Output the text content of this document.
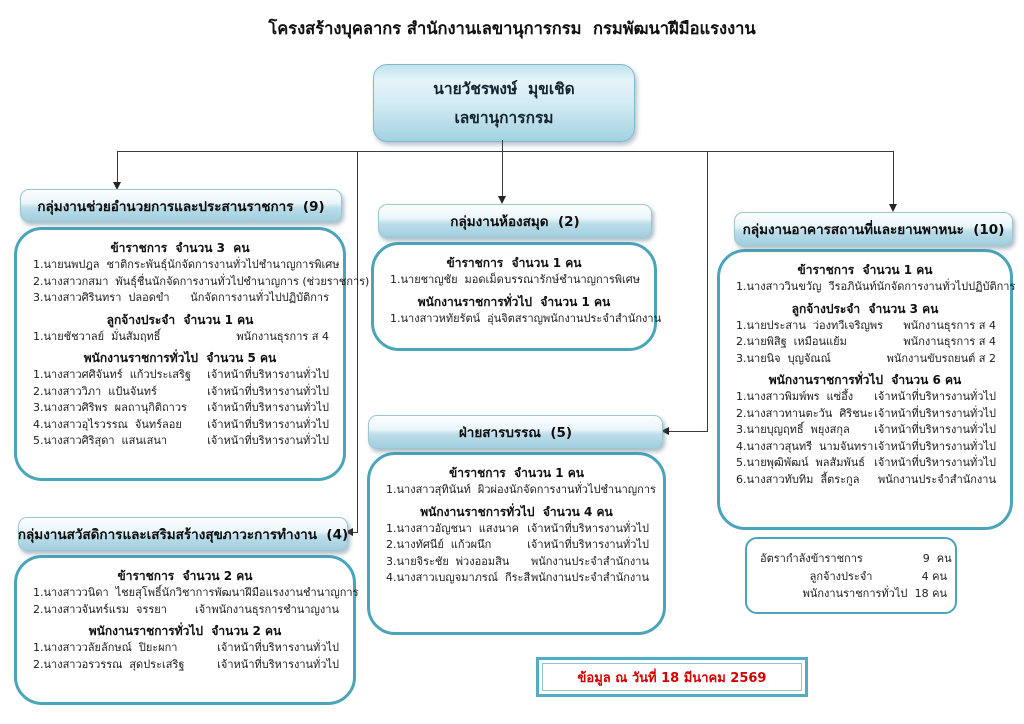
โครงสร้างบุคลากร สำนักงานเลขานุการกรม  กรมพัฒนาฝีมือแรงงาน
นายวัชรพงษ์  มุขเชิด
เลขานุการกรม
กลุ่มงานช่วยอำนวยการและประสานราชการ  (9)
ข้าราชการ  จำนวน 3  คน
1.นายนพปฎล  ชาติกระพันธุ์ นักจัดการงานทั่วไปชำนาญการพิเศษ
2.นางสาวกสมา  พันธุ์ชื่น นักจัดการงานทั่วไปชำนาญการ (ช่วยราชการ)
3.นางสาวศิรินทรา  ปลอดขำ นักจัดการงานทั่วไปปฏิบัติการ
ลูกจ้างประจำ  จำนวน 1 คน
1.นายชัชวาลย์  มั่นสัมฤทธิ์	พนักงานธุรการ ส 4
พนักงานราชการทั่วไป  จำนวน 5 คน
1.นางสาวศศิจันทร์  แก้วประเสริฐ เจ้าหน้าที่บริหารงานทั่วไป
2.นางสาววิภา  แป้นจันทร์	เจ้าหน้าที่บริหารงานทั่วไป
3.นางสาวศิริพร  ผลถานุกิติถาวร เจ้าหน้าที่บริหารงานทั่วไป
4.นางสาวอุไรวรรณ  จันทร์ลอย เจ้าหน้าที่บริหารงานทั่วไป
5.นางสาวศิริสุดา  แสนเสนา	เจ้าหน้าที่บริหารงานทั่วไป
กลุ่มงานห้องสมุด  (2)
ข้าราชการ  จำนวน 1 คน
1.นายชาญชัย  มอดเม็ด บรรณารักษ์ชำนาญการพิเศษ
พนักงานราชการทั่วไป  จำนวน 1 คน
1.นางสาวหทัยรัตน์  อุ่นจิตสราญ พนักงานประจำสำนักงาน
ฝ่ายสารบรรณ  (5)
ข้าราชการ  จำนวน 1 คน
1.นางสาวสุทินันท์  ผิวผ่อง นักจัดการงานทั่วไปชำนาญการ
พนักงานราชการทั่วไป  จำนวน 4 คน
1.นางสาวอัญชนา  แสงนาค เจ้าหน้าที่บริหารงานทั่วไป
2.นางทัศนีย์  แก้วผนึก	เจ้าหน้าที่บริหารงานทั่วไป
3.นายจิระชัย  พ่วงออมสิน พนักงานประจำสำนักงาน
4.นางสาวเบญจมาภรณ์  กีระสี พนักงานประจำสำนักงาน
กลุ่มงานอาคารสถานที่และยานพาหนะ  (10)
ข้าราชการ  จำนวน 1 คน
1.นางสาววินขวัญ  วีรอภินันท์ นักจัดการงานทั่วไปปฏิบัติการ
ลูกจ้างประจำ  จำนวน 3 คน
1.นายประสาน  ว่องทวีเจริญพร พนักงานธุรการ ส 4
2.นายพิสิฐ  เหมือนแย้ม	พนักงานธุรการ ส 4
3.นายนิจ  บุญจัณณ์	พนักงานขับรถยนต์ ส 2
พนักงานราชการทั่วไป  จำนวน 6 คน
1.นางสาวพิมพ์พร  แซ่อึ้ง เจ้าหน้าที่บริหารงานทั่วไป
2.นางสาวทานตะวัน  ศิริชนะ เจ้าหน้าที่บริหารงานทั่วไป
3.นายบุญฤทธิ์  พยุงสกุล เจ้าหน้าที่บริหารงานทั่วไป
4.นางสาวสุนทรี  นามจันทรา เจ้าหน้าที่บริหารงานทั่วไป
5.นายพุฒิพัฒน์  พลสัมพันธ์ เจ้าหน้าที่บริหารงานทั่วไป
6.นางสาวทับทิม  ลี้ตระกูล พนักงานประจำสำนักงาน
กลุ่มงานสวัสดิการและเสริมสร้างสุขภาวะการทำงาน  (4)
ข้าราชการ  จำนวน 2 คน
1.นางสาววนิดา  ไชยสุโพธิ์ นักวิชาการพัฒนาฝีมือแรงงานชำนาญการ
2.นางสาวจันทร์แรม  จรรยา	เจ้าพนักงานธุรการชำนาญงาน
พนักงานราชการทั่วไป  จำนวน 2 คน
1.นางสาววลัยลักษณ์  ปิยะผกา	เจ้าหน้าที่บริหารงานทั่วไป
2.นางสาวอรวรรณ  สุดประเสริฐ	เจ้าหน้าที่บริหารงานทั่วไป
อัตรากำลัง ข้าราชการ	9  คน
ลูกจ้างประจำ	4 คน
พนักงานราชการทั่วไป 18 คน
ข้อมูล ณ วันที่ 18 มีนาคม 2569
